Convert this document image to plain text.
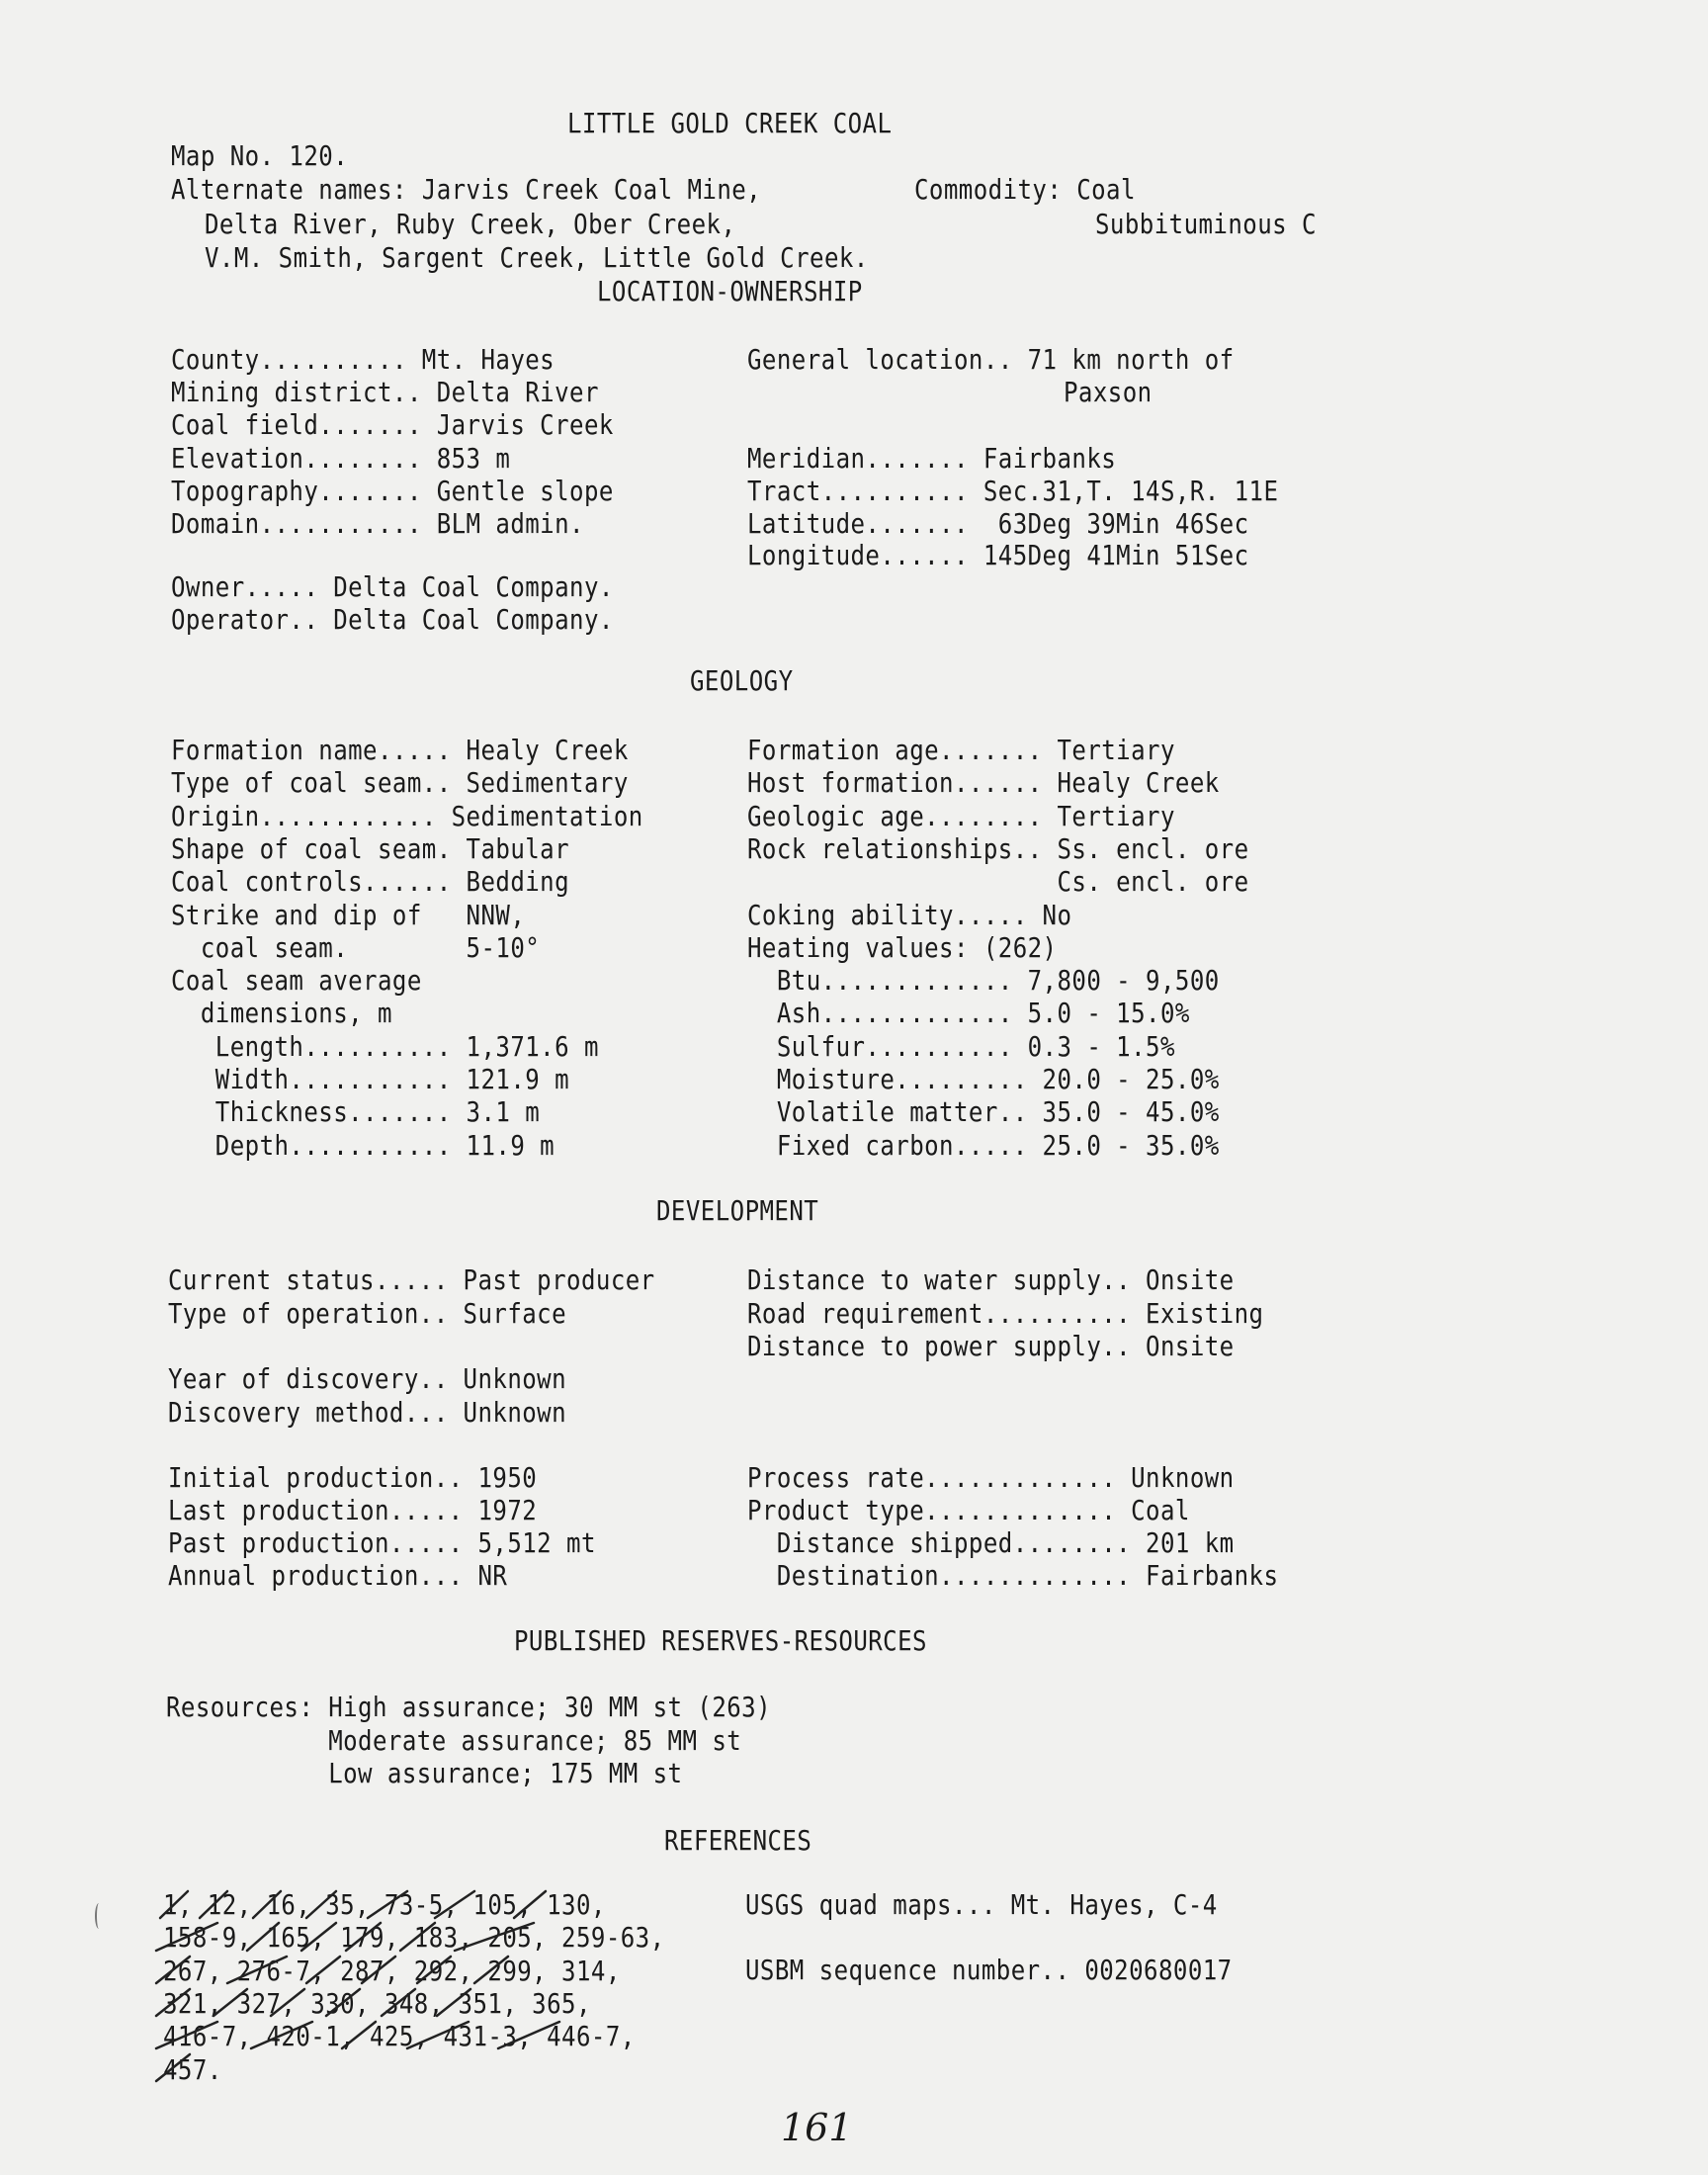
LITTLE GOLD CREEK COAL
Map No. 120.
Alternate names: Jarvis Creek Coal Mine,
Delta River, Ruby Creek, Ober Creek,
V.M. Smith, Sargent Creek, Little Gold Creek.
Commodity: Coal
Subbituminous C
LOCATION-OWNERSHIP
County.......... Mt. Hayes
Mining district.. Delta River
Coal field....... Jarvis Creek
Elevation........ 853 m
Topography....... Gentle slope
Domain........... BLM admin.
General location.. 71 km north of
Paxson
Meridian....... Fairbanks
Tract.......... Sec.31,T. 14S,R. 11E
Latitude.......  63Deg 39Min 46Sec
Longitude...... 145Deg 41Min 51Sec
Owner..... Delta Coal Company.
Operator.. Delta Coal Company.
GEOLOGY
Formation name..... Healy Creek
Type of coal seam.. Sedimentary
Origin............ Sedimentation
Shape of coal seam. Tabular
Coal controls...... Bedding
Strike and dip of   NNW,
coal seam.        5-10°
Coal seam average
dimensions, m
Length.......... 1,371.6 m
Width........... 121.9 m
Thickness....... 3.1 m
Depth........... 11.9 m
Formation age....... Tertiary
Host formation...... Healy Creek
Geologic age........ Tertiary
Rock relationships.. Ss. encl. ore
Cs. encl. ore
Coking ability..... No
Heating values: (262)
Btu............. 7,800 - 9,500
Ash............. 5.0 - 15.0%
Sulfur.......... 0.3 - 1.5%
Moisture......... 20.0 - 25.0%
Volatile matter.. 35.0 - 45.0%
Fixed carbon..... 25.0 - 35.0%
DEVELOPMENT
Current status..... Past producer
Type of operation.. Surface
Year of discovery.. Unknown
Discovery method... Unknown
Initial production.. 1950
Last production..... 1972
Past production..... 5,512 mt
Annual production... NR
Distance to water supply.. Onsite
Road requirement.......... Existing
Distance to power supply.. Onsite
Process rate............. Unknown
Product type............. Coal
Distance shipped........ 201 km
Destination............. Fairbanks
PUBLISHED RESERVES-RESOURCES
Resources: High assurance; 30 MM st (263)
Moderate assurance; 85 MM st
Low assurance; 175 MM st
REFERENCES
1, 12, 16, 35, 73-5, 105, 130,
158-9, 165, 179, 183, 205, 259-63,
267, 276-7, 287, 292, 299, 314,
321, 327, 330, 348, 351, 365,
416-7, 420-1, 425, 431-3, 446-7,
457.
USGS quad maps... Mt. Hayes, C-4
USBM sequence number.. 0020680017
161
